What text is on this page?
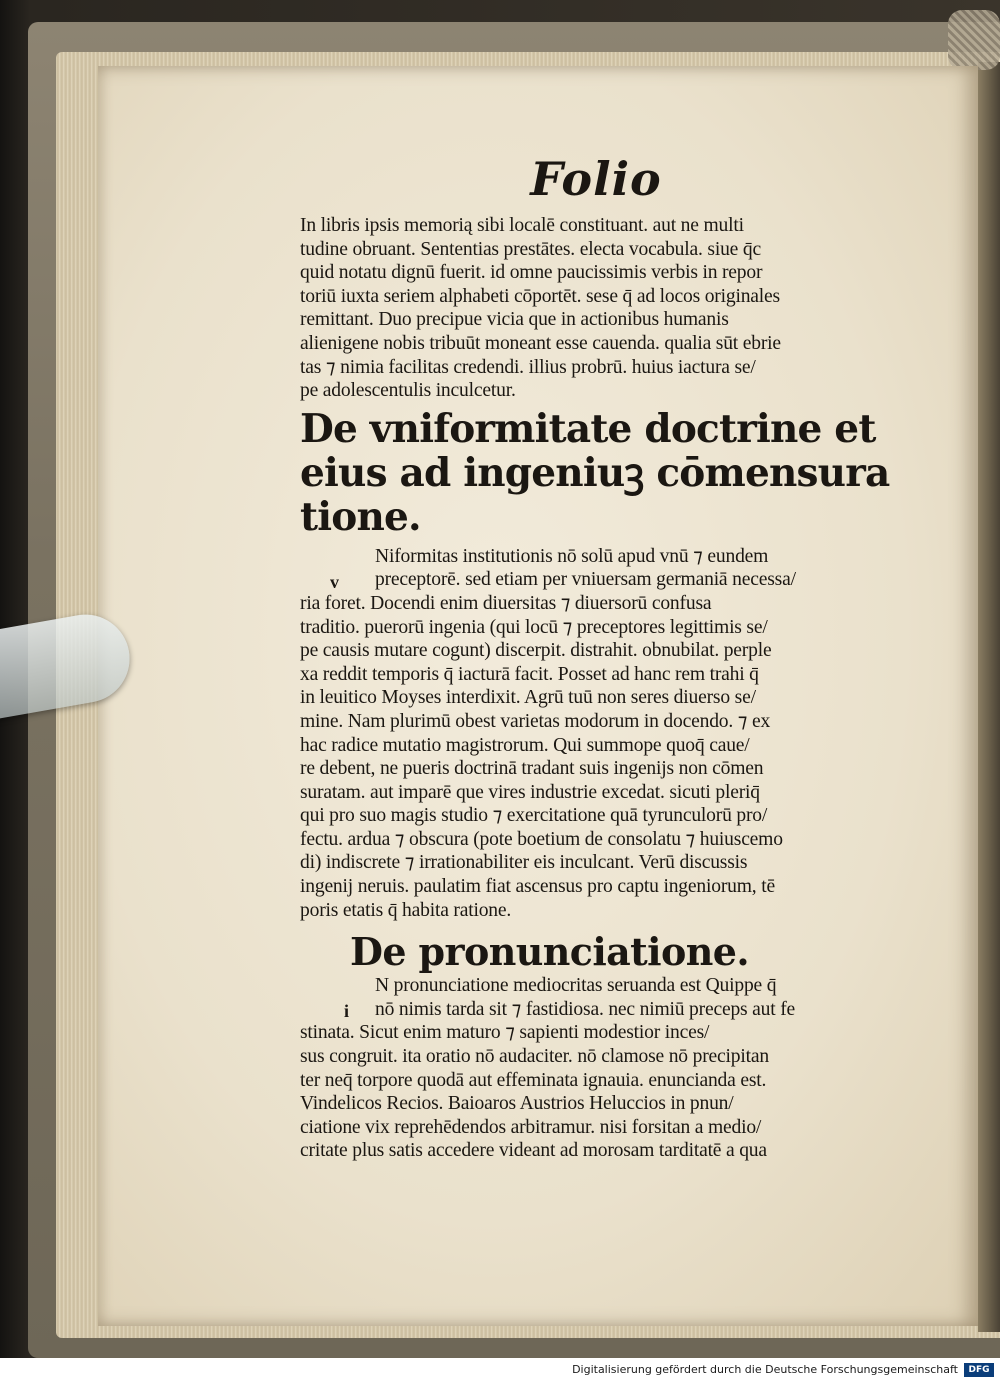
Folio
In libris ipsis memorią sibi localē constituant. aut ne multi
tudine obruant. Sententias prestātes. electa vocabula. siue q̄c
quid notatu dignū fuerit. id omne paucissimis verbis in repor
toriū iuxta seriem alphabeti cōportēt. sese q̄ ad locos originales
remittant. Duo precipue vicia que in actionibus humanis
alienigene nobis tribuūt moneant esse cauenda. qualia sūt ebrie
tas ⁊ nimia facilitas credendi. illius probrū. huius iactura se/
pe adolescentulis inculcetur.
De vniformitate doctrine et
eius ad ingeniuꝫ cōmensura
tione.
v
Niformitas institutionis nō solū apud vnū ⁊ eundem
preceptorē. sed etiam per vniuersam germaniā necessa/
ria foret. Docendi enim diuersitas ⁊ diuersorū confusa
traditio. puerorū ingenia (qui locū ⁊ preceptores legittimis se/
pe causis mutare cogunt) discerpit. distrahit. obnubilat. perple
xa reddit temporis q̄ iacturā facit. Posset ad hanc rem trahi q̄
in leuitico Moyses interdixit. Agrū tuū non seres diuerso se/
mine. Nam plurimū obest varietas modorum in docendo. ⁊ ex
hac radice mutatio magistrorum. Qui summope quoq̄ caue/
re debent, ne pueris doctrinā tradant suis ingenijs non cōmen
suratam. aut imparē que vires industrie excedat. sicuti pleriq̄
qui pro suo magis studio ⁊ exercitatione quā tyrunculorū pro/
fectu. ardua ⁊ obscura (pote boetium de consolatu ⁊ huiuscemo
di) indiscrete ⁊ irrationabiliter eis inculcant. Verū discussis
ingenij neruis. paulatim fiat ascensus pro captu ingeniorum, tē
poris etatis q̄ habita ratione.
De pronunciatione.
i
N pronunciatione mediocritas seruanda est Quippe q̄
nō nimis tarda sit ⁊ fastidiosa. nec nimiū preceps aut fe
stinata. Sicut enim maturo ⁊ sapienti modestior inces/
sus congruit. ita oratio nō audaciter. nō clamose nō precipitan
ter neq̄ torpore quodā aut effeminata ignauia. enuncianda est.
Vindelicos Recios. Baioaros Austrios Heluccios in pnun/
ciatione vix reprehēdendos arbitramur. nisi forsitan a medio/
critate plus satis accedere videant ad morosam tarditatē a qua
Digitalisierung gefördert durch die Deutsche Forschungsgemeinschaft	DFG
